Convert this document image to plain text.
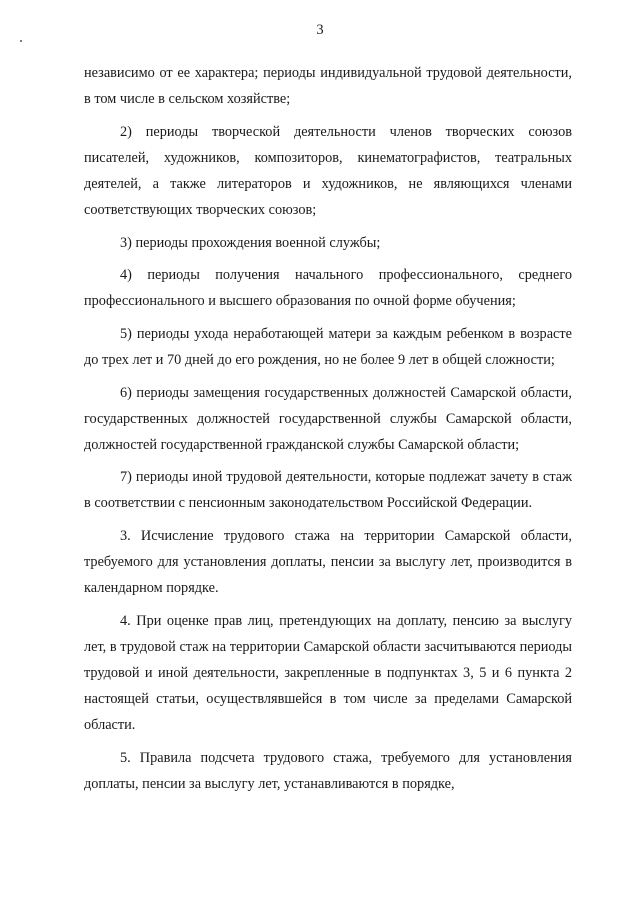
3

независимо от ее характера; периоды индивидуальной трудовой деятельности, в том числе в сельском хозяйстве;

2) периоды творческой деятельности членов творческих союзов писателей, художников, композиторов, кинематографистов, театральных деятелей, а также литераторов и художников, не являющихся членами соответствующих творческих союзов;

3) периоды прохождения военной службы;

4) периоды получения начального профессионального, среднего профессионального и высшего образования по очной форме обучения;

5) периоды ухода неработающей матери за каждым ребенком в возрасте до трех лет и 70 дней до его рождения, но не более 9 лет в общей сложности;

6) периоды замещения государственных должностей Самарской области, государственных должностей государственной службы Самарской области, должностей государственной гражданской службы Самарской области;

7) периоды иной трудовой деятельности, которые подлежат зачету в стаж в соответствии с пенсионным законодательством Российской Федерации.

3. Исчисление трудового стажа на территории Самарской области, требуемого для установления доплаты, пенсии за выслугу лет, производится в календарном порядке.

4. При оценке прав лиц, претендующих на доплату, пенсию за выслугу лет, в трудовой стаж на территории Самарской области засчитываются периоды трудовой и иной деятельности, закрепленные в подпунктах 3, 5 и 6 пункта 2 настоящей статьи, осуществлявшейся в том числе за пределами Самарской области.

5. Правила подсчета трудового стажа, требуемого для установления доплаты, пенсии за выслугу лет, устанавливаются в порядке,
